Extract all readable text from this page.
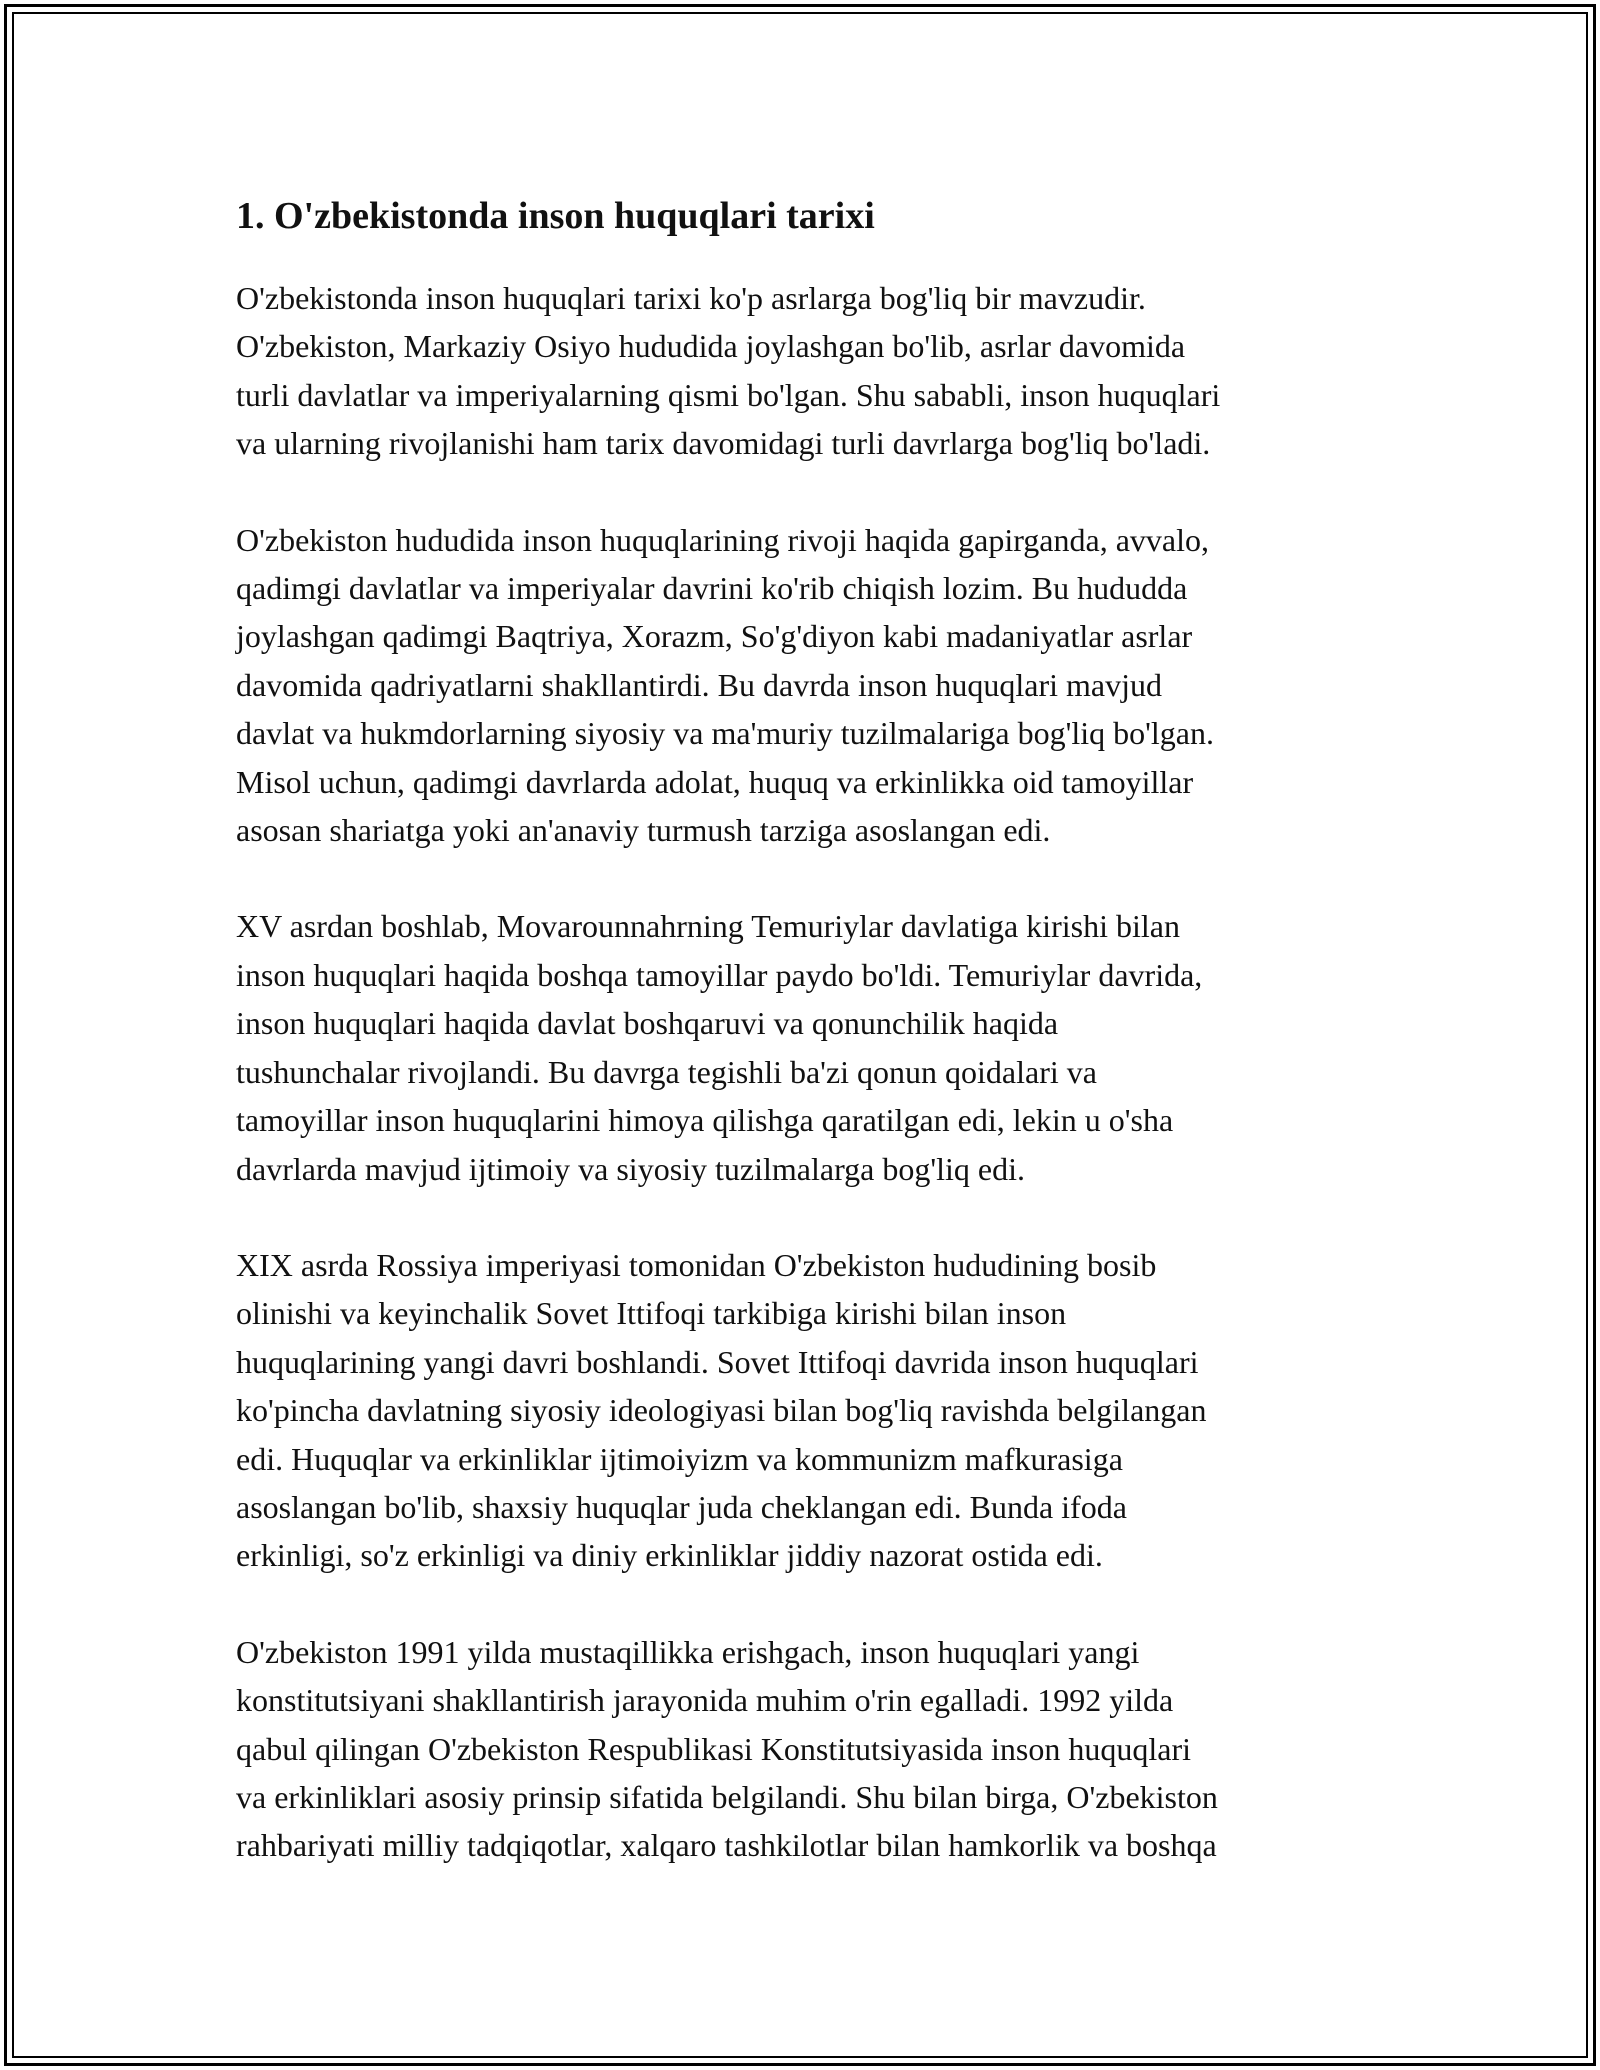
1. O'zbekistonda inson huquqlari tarixi

O'zbekistonda inson huquqlari tarixi ko'p asrlarga bog'liq bir mavzudir.
O'zbekiston, Markaziy Osiyo hududida joylashgan bo'lib, asrlar davomida
turli davlatlar va imperiyalarning qismi bo'lgan. Shu sababli, inson huquqlari
va ularning rivojlanishi ham tarix davomidagi turli davrlarga bog'liq bo'ladi.

O'zbekiston hududida inson huquqlarining rivoji haqida gapirganda, avvalo,
qadimgi davlatlar va imperiyalar davrini ko'rib chiqish lozim. Bu hududda
joylashgan qadimgi Baqtriya, Xorazm, So'g'diyon kabi madaniyatlar asrlar
davomida qadriyatlarni shakllantirdi. Bu davrda inson huquqlari mavjud
davlat va hukmdorlarning siyosiy va ma'muriy tuzilmalariga bog'liq bo'lgan.
Misol uchun, qadimgi davrlarda adolat, huquq va erkinlikka oid tamoyillar
asosan shariatga yoki an'anaviy turmush tarziga asoslangan edi.

XV asrdan boshlab, Movarounnahrning Temuriylar davlatiga kirishi bilan
inson huquqlari haqida boshqa tamoyillar paydo bo'ldi. Temuriylar davrida,
inson huquqlari haqida davlat boshqaruvi va qonunchilik haqida
tushunchalar rivojlandi. Bu davrga tegishli ba'zi qonun qoidalari va
tamoyillar inson huquqlarini himoya qilishga qaratilgan edi, lekin u o'sha
davrlarda mavjud ijtimoiy va siyosiy tuzilmalarga bog'liq edi.

XIX asrda Rossiya imperiyasi tomonidan O'zbekiston hududining bosib
olinishi va keyinchalik Sovet Ittifoqi tarkibiga kirishi bilan inson
huquqlarining yangi davri boshlandi. Sovet Ittifoqi davrida inson huquqlari
ko'pincha davlatning siyosiy ideologiyasi bilan bog'liq ravishda belgilangan
edi. Huquqlar va erkinliklar ijtimoiyizm va kommunizm mafkurasiga
asoslangan bo'lib, shaxsiy huquqlar juda cheklangan edi. Bunda ifoda
erkinligi, so'z erkinligi va diniy erkinliklar jiddiy nazorat ostida edi.

O'zbekiston 1991 yilda mustaqillikka erishgach, inson huquqlari yangi
konstitutsiyani shakllantirish jarayonida muhim o'rin egalladi. 1992 yilda
qabul qilingan O'zbekiston Respublikasi Konstitutsiyasida inson huquqlari
va erkinliklari asosiy prinsip sifatida belgilandi. Shu bilan birga, O'zbekiston
rahbariyati milliy tadqiqotlar, xalqaro tashkilotlar bilan hamkorlik va boshqa
